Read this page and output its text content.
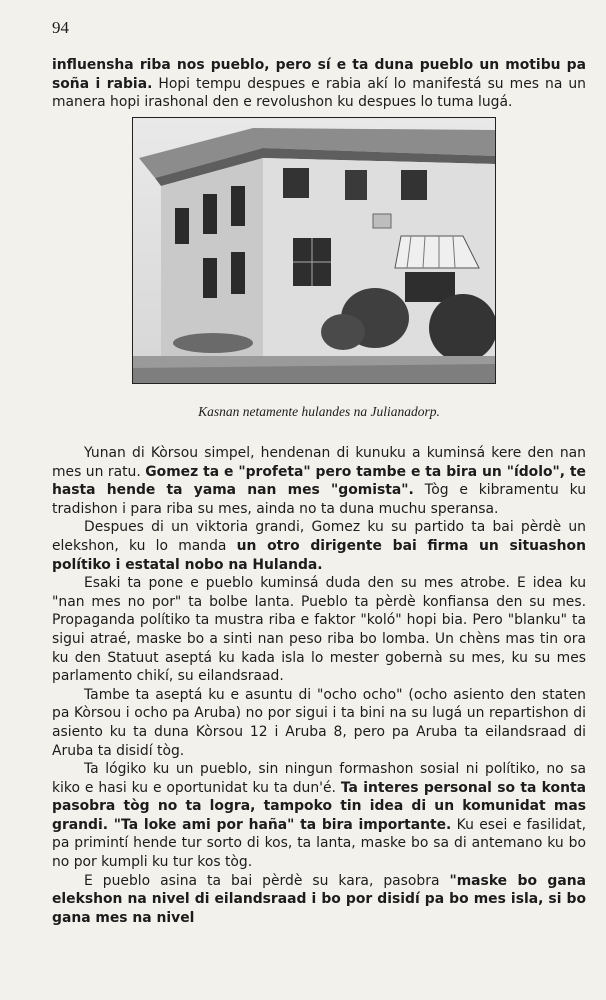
94

influensha riba nos pueblo, pero sí e ta duna pueblo un motibu pa soña i rabia. Hopi tempu despues e rabia akí lo manifestá su mes na un manera hopi irashonal den e revolushon ku despues lo tuma lugá.

Kasnan netamente hulandes na Julianadorp.

Yunan di Kòrsou simpel, hendenan di kunuku a kuminsá kere den nan mes un ratu. Gomez ta e "profeta" pero tambe e ta bira un "ídolo", te hasta hende ta yama nan mes "gomista". Tòg e kibramentu ku tradishon i para riba su mes, ainda no ta duna muchu speransa.

Despues di un viktoria grandi, Gomez ku su partido ta bai pèrdè un elekshon, ku lo manda un otro dirigente bai firma un situashon polítiko i estatal nobo na Hulanda.

Esaki ta pone e pueblo kuminsá duda den su mes atrobe. E idea ku "nan mes no por" ta bolbe lanta. Pueblo ta pèrdè konfiansa den su mes. Propaganda polítiko ta mustra riba e faktor "koló" hopi bia. Pero "blanku" ta sigui atraé, maske bo a sinti nan peso riba bo lomba. Un chèns mas tin ora ku den Statuut aseptá ku kada isla lo mester gobernà su mes, ku su mes parlamento chikí, su eilandsraad.

Tambe ta aseptá ku e asuntu di "ocho ocho" (ocho asiento den staten pa Kòrsou i ocho pa Aruba) no por sigui i ta bini na su lugá un repartishon di asiento ku ta duna Kòrsou 12 i Aruba 8, pero pa Aruba ta eilandsraad di Aruba ta disidí tòg.

Ta lógiko ku un pueblo, sin ningun formashon sosial ni polítiko, no sa kiko e hasi ku e oportunidat ku ta dun'é. Ta interes personal so ta konta pasobra tòg no ta logra, tampoko tin idea di un komunidat mas grandi. "Ta loke ami por haña" ta bira importante. Ku esei e fasilidat, pa primintí hende tur sorto di kos, ta lanta, maske bo sa di antemano ku bo no por kumpli ku tur kos tòg.

E pueblo asina ta bai pèrdè su kara, pasobra "maske bo gana elekshon na nivel di eilandsraad i bo por disidí pa bo mes isla, si bo gana mes na nivel
